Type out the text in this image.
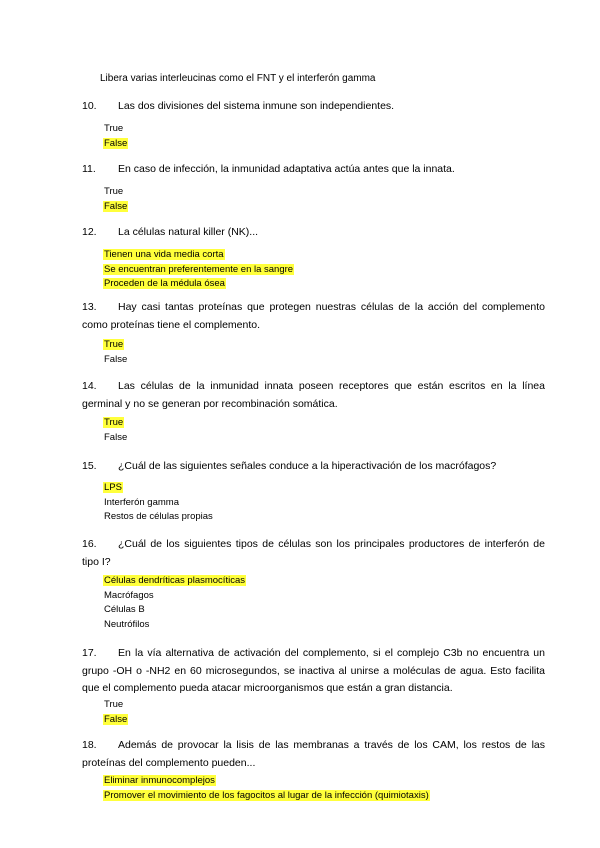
Libera varias interleucinas como el FNT y el interferón gamma
10.	Las dos divisiones del sistema inmune son independientes.

True
False
11.	En caso de infección, la inmunidad adaptativa actúa antes que la innata.

True
False
12.	La células natural killer (NK)...

Tienen una vida media corta
Se encuentran preferentemente en la sangre
Proceden de la médula ósea
13.	Hay casi tantas proteínas que protegen nuestras células de la acción del complemento como proteínas tiene el complemento.

True
False
14.	Las células de la inmunidad innata poseen receptores que están escritos en la línea germinal y no se generan por recombinación somática.

True
False
15.	¿Cuál de las siguientes señales conduce a la hiperactivación de los macrófagos?

LPS
Interferón gamma
Restos de células propias
16.	¿Cuál de los siguientes tipos de células son los principales productores de interferón de tipo I?

Células dendríticas plasmocíticas
Macrófagos
Células B
Neutrófilos
17.	En la vía alternativa de activación del complemento, si el complejo C3b no encuentra un grupo -OH o -NH2 en 60 microsegundos, se inactiva al unirse a moléculas de agua. Esto facilita que el complemento pueda atacar microorganismos que están a gran distancia.

True
False
18.	Además de provocar la lisis de las membranas a través de los CAM, los restos de las proteínas del complemento pueden...

Eliminar inmunocomplejos
Promover el movimiento de los fagocitos al lugar de la infección (quimiotaxis)
